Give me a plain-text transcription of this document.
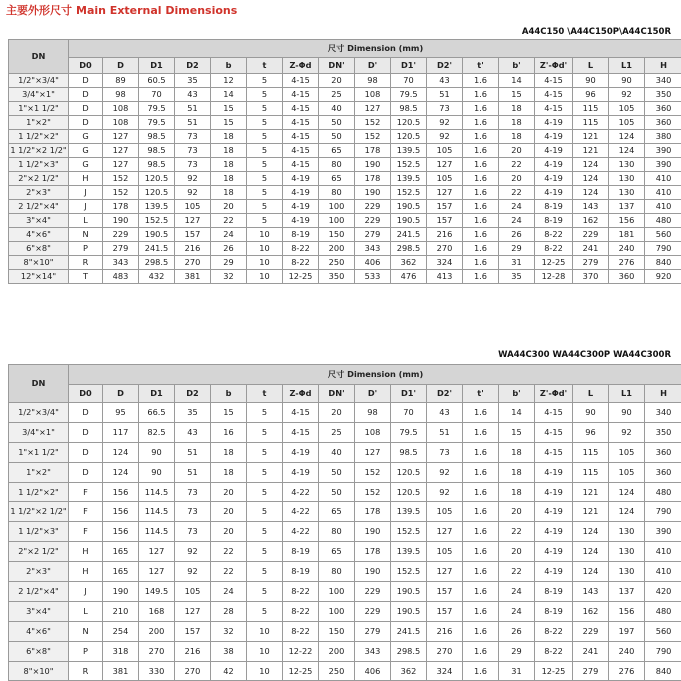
主要外形尺寸 Main External Dimensions
A44C150 \A44C150P\A44C150R
DN	尺寸 Dimension (mm)																
	D0	D	D1	D2	b	t	Z-Φd	DN'	D'	D1'	D2'	t'	b'	Z'-Φd'	L	L1	H
1/2"×3/4"	D	89	60.5	35	12	5	4-15	20	98	70	43	1.6	14	4-15	90	90	340
3/4"×1"	D	98	70	43	14	5	4-15	25	108	79.5	51	1.6	15	4-15	96	92	350
1"×1 1/2"	D	108	79.5	51	15	5	4-15	40	127	98.5	73	1.6	18	4-15	115	105	360
1"×2"	D	108	79.5	51	15	5	4-15	50	152	120.5	92	1.6	18	4-19	115	105	360
1 1/2"×2"	G	127	98.5	73	18	5	4-15	50	152	120.5	92	1.6	18	4-19	121	124	380
1 1/2"×2 1/2"	G	127	98.5	73	18	5	4-15	65	178	139.5	105	1.6	20	4-19	121	124	390
1 1/2"×3"	G	127	98.5	73	18	5	4-15	80	190	152.5	127	1.6	22	4-19	124	130	390
2"×2 1/2"	H	152	120.5	92	18	5	4-19	65	178	139.5	105	1.6	20	4-19	124	130	410
2"×3"	J	152	120.5	92	18	5	4-19	80	190	152.5	127	1.6	22	4-19	124	130	410
2 1/2"×4"	J	178	139.5	105	20	5	4-19	100	229	190.5	157	1.6	24	8-19	143	137	410
3"×4"	L	190	152.5	127	22	5	4-19	100	229	190.5	157	1.6	24	8-19	162	156	480
4"×6"	N	229	190.5	157	24	10	8-19	150	279	241.5	216	1.6	26	8-22	229	181	560
6"×8"	P	279	241.5	216	26	10	8-22	200	343	298.5	270	1.6	29	8-22	241	240	790
8"×10"	R	343	298.5	270	29	10	8-22	250	406	362	324	1.6	31	12-25	279	276	840
12"×14"	T	483	432	381	32	10	12-25	350	533	476	413	1.6	35	12-28	370	360	920
WA44C300 WA44C300P WA44C300R
DN	尺寸 Dimension (mm)																
	D0	D	D1	D2	b	t	Z-Φd	DN'	D'	D1'	D2'	t'	b'	Z'-Φd'	L	L1	H
1/2"×3/4"	D	95	66.5	35	15	5	4-15	20	98	70	43	1.6	14	4-15	90	90	340
3/4"×1"	D	117	82.5	43	16	5	4-15	25	108	79.5	51	1.6	15	4-15	96	92	350
1"×1 1/2"	D	124	90	51	18	5	4-19	40	127	98.5	73	1.6	18	4-15	115	105	360
1"×2"	D	124	90	51	18	5	4-19	50	152	120.5	92	1.6	18	4-19	115	105	360
1 1/2"×2"	F	156	114.5	73	20	5	4-22	50	152	120.5	92	1.6	18	4-19	121	124	480
1 1/2"×2 1/2"	F	156	114.5	73	20	5	4-22	65	178	139.5	105	1.6	20	4-19	121	124	790
1 1/2"×3"	F	156	114.5	73	20	5	4-22	80	190	152.5	127	1.6	22	4-19	124	130	390
2"×2 1/2"	H	165	127	92	22	5	8-19	65	178	139.5	105	1.6	20	4-19	124	130	410
2"×3"	H	165	127	92	22	5	8-19	80	190	152.5	127	1.6	22	4-19	124	130	410
2 1/2"×4"	J	190	149.5	105	24	5	8-22	100	229	190.5	157	1.6	24	8-19	143	137	420
3"×4"	L	210	168	127	28	5	8-22	100	229	190.5	157	1.6	24	8-19	162	156	480
4"×6"	N	254	200	157	32	10	8-22	150	279	241.5	216	1.6	26	8-22	229	197	560
6"×8"	P	318	270	216	38	10	12-22	200	343	298.5	270	1.6	29	8-22	241	240	790
8"×10"	R	381	330	270	42	10	12-25	250	406	362	324	1.6	31	12-25	279	276	840
